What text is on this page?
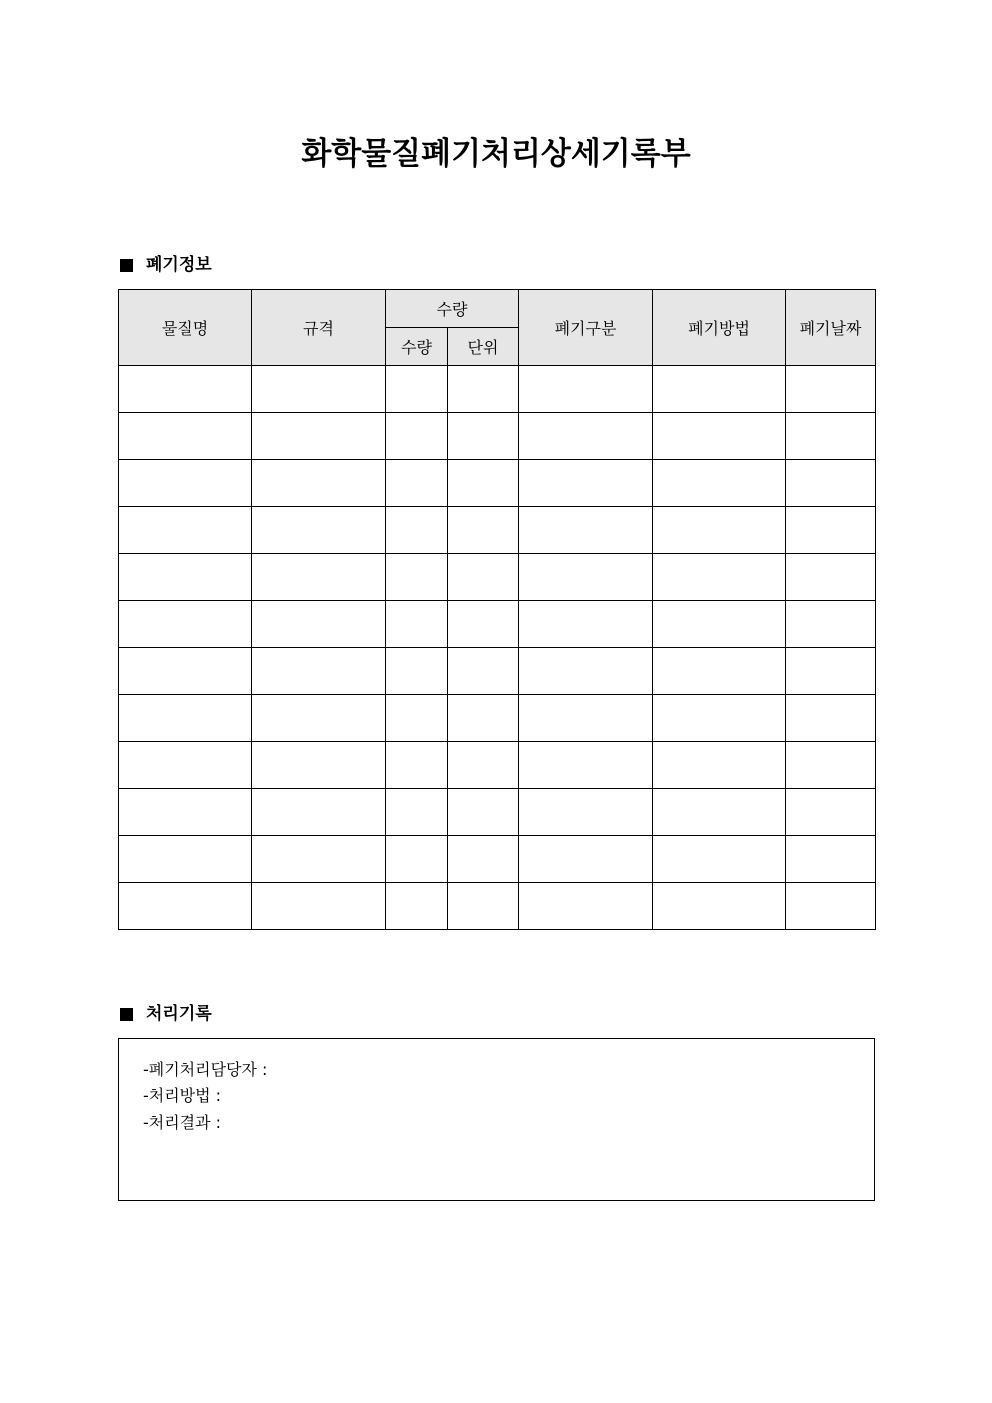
화학물질폐기처리상세기록부
폐기정보
물질명	규격	수량		폐기구분	폐기방법	폐기날짜
		수량	단위			

처리기록
-폐기처리담당자 :
-처리방법 :
-처리결과 :
